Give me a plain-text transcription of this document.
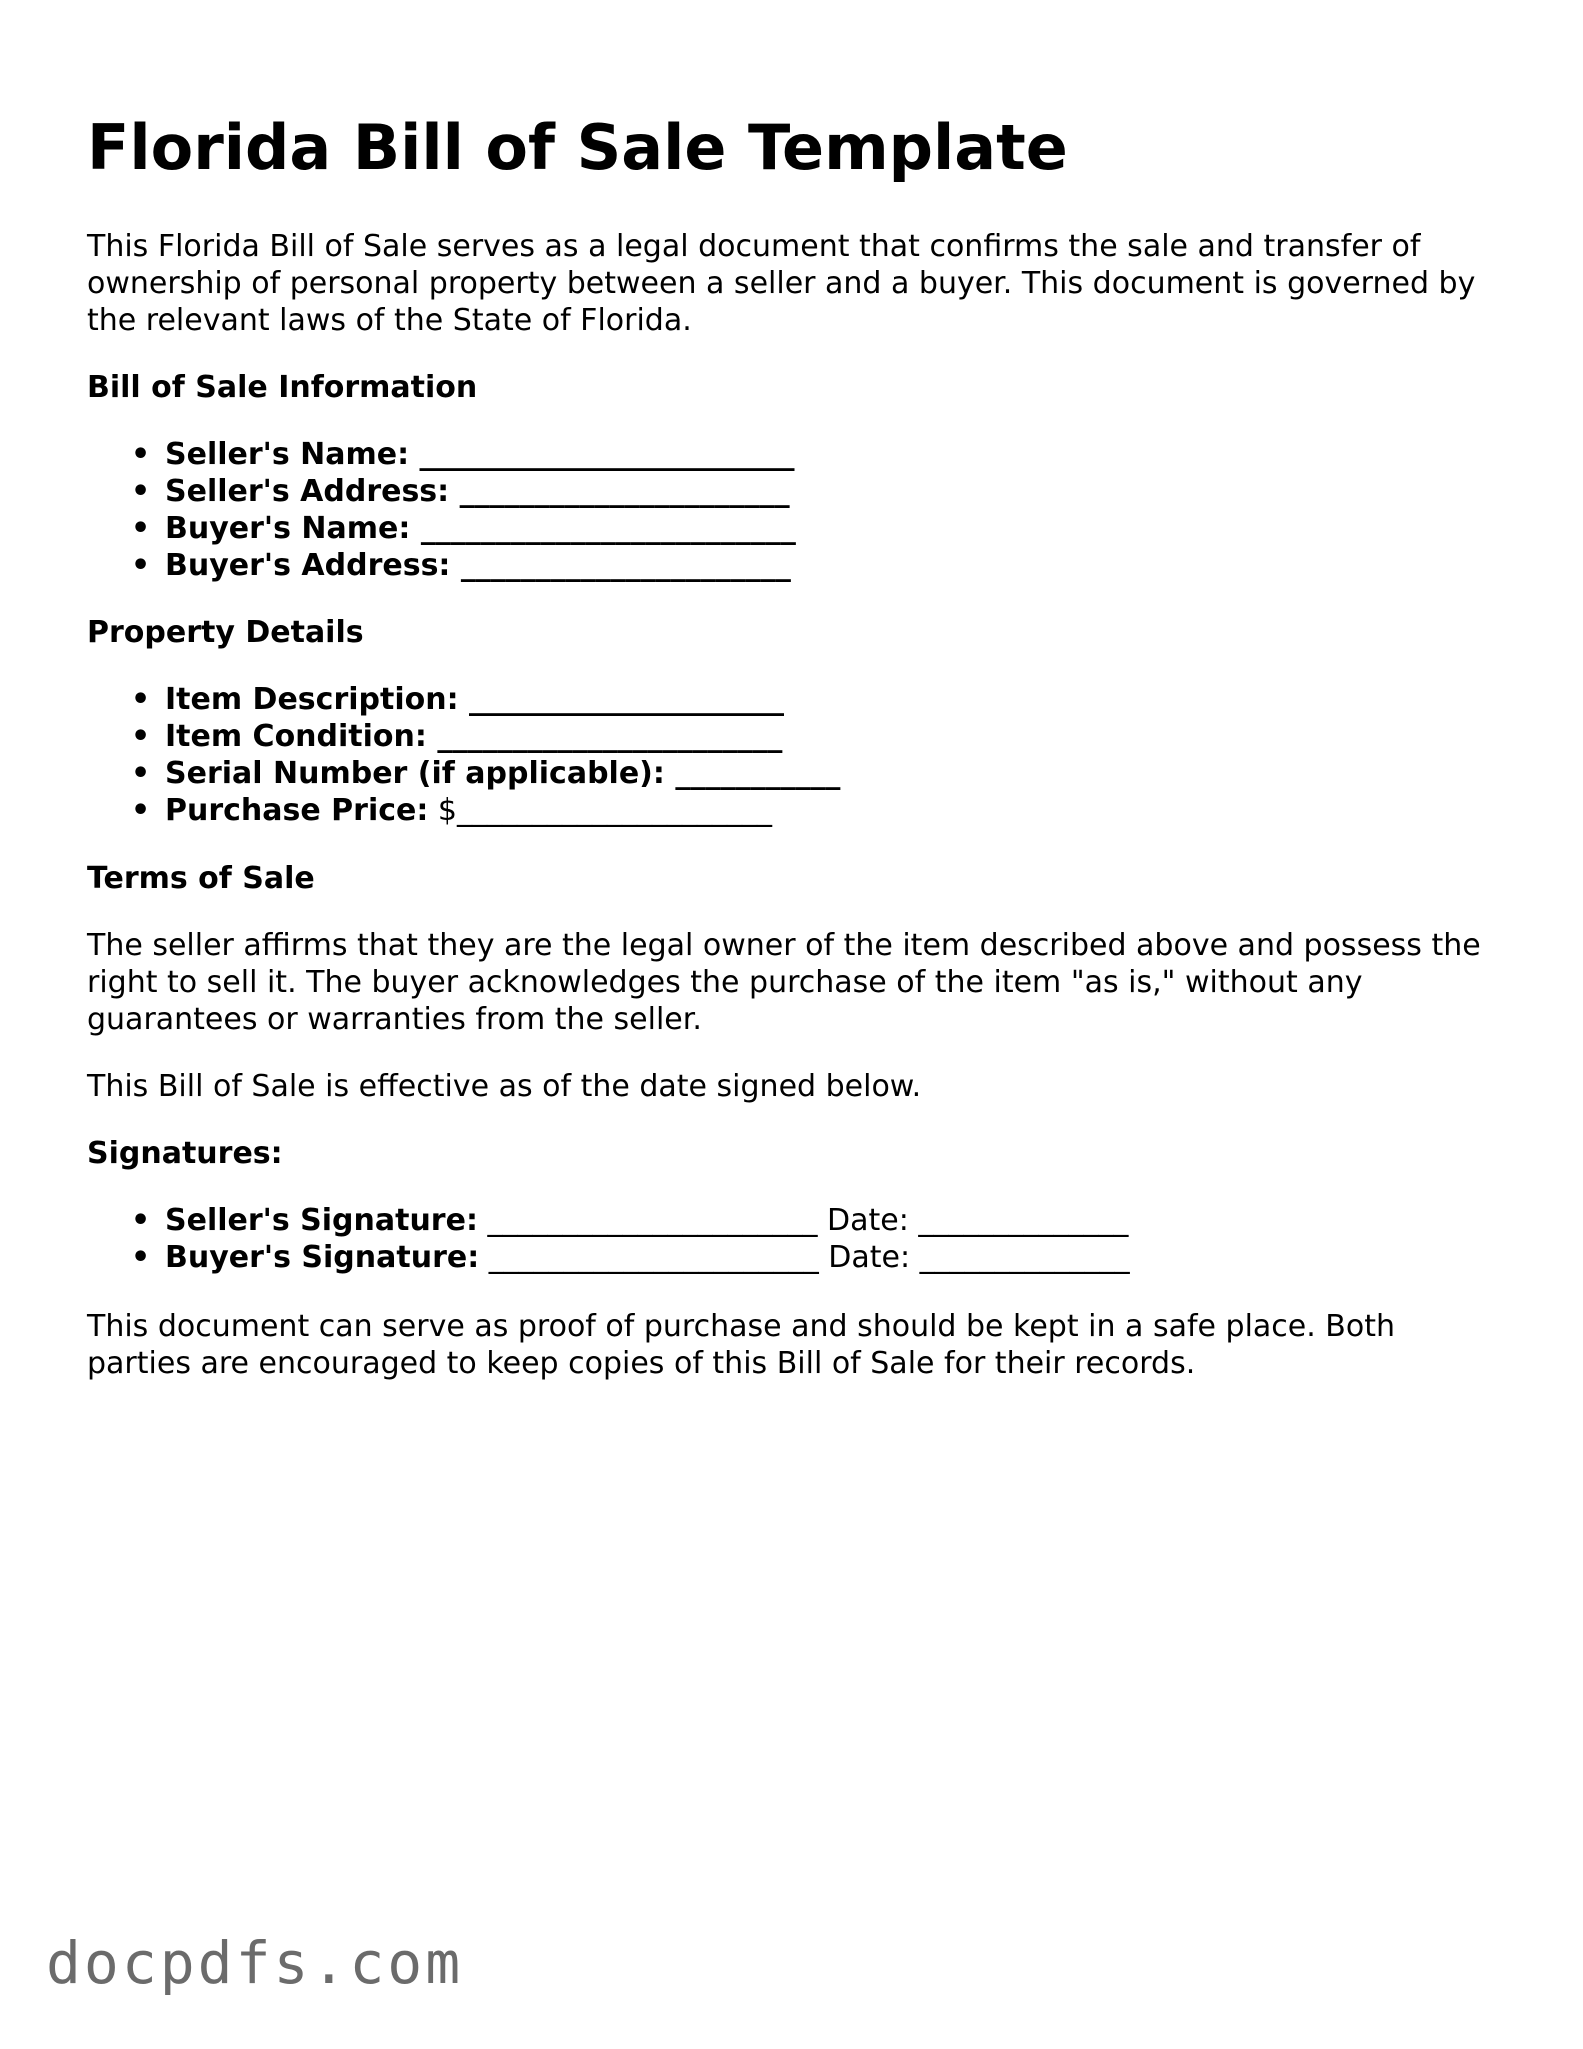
Florida Bill of Sale Template

This Florida Bill of Sale serves as a legal document that confirms the sale and transfer of ownership of personal property between a seller and a buyer. This document is governed by the relevant laws of the State of Florida.

Bill of Sale Information
• Seller's Name: _________________________
• Seller's Address: ______________________
• Buyer's Name: _________________________
• Buyer's Address: ______________________
Property Details
• Item Description: _____________________
• Item Condition: _______________________
• Serial Number (if applicable): ___________
• Purchase Price: $_____________________
Terms of Sale

The seller affirms that they are the legal owner of the item described above and possess the right to sell it. The buyer acknowledges the purchase of the item "as is," without any guarantees or warranties from the seller.

This Bill of Sale is effective as of the date signed below.

Signatures:
• Seller's Signature: ______________________ Date: ______________
• Buyer's Signature: ______________________ Date: ______________

This document can serve as proof of purchase and should be kept in a safe place. Both parties are encouraged to keep copies of this Bill of Sale for their records.

docpdfs.com
